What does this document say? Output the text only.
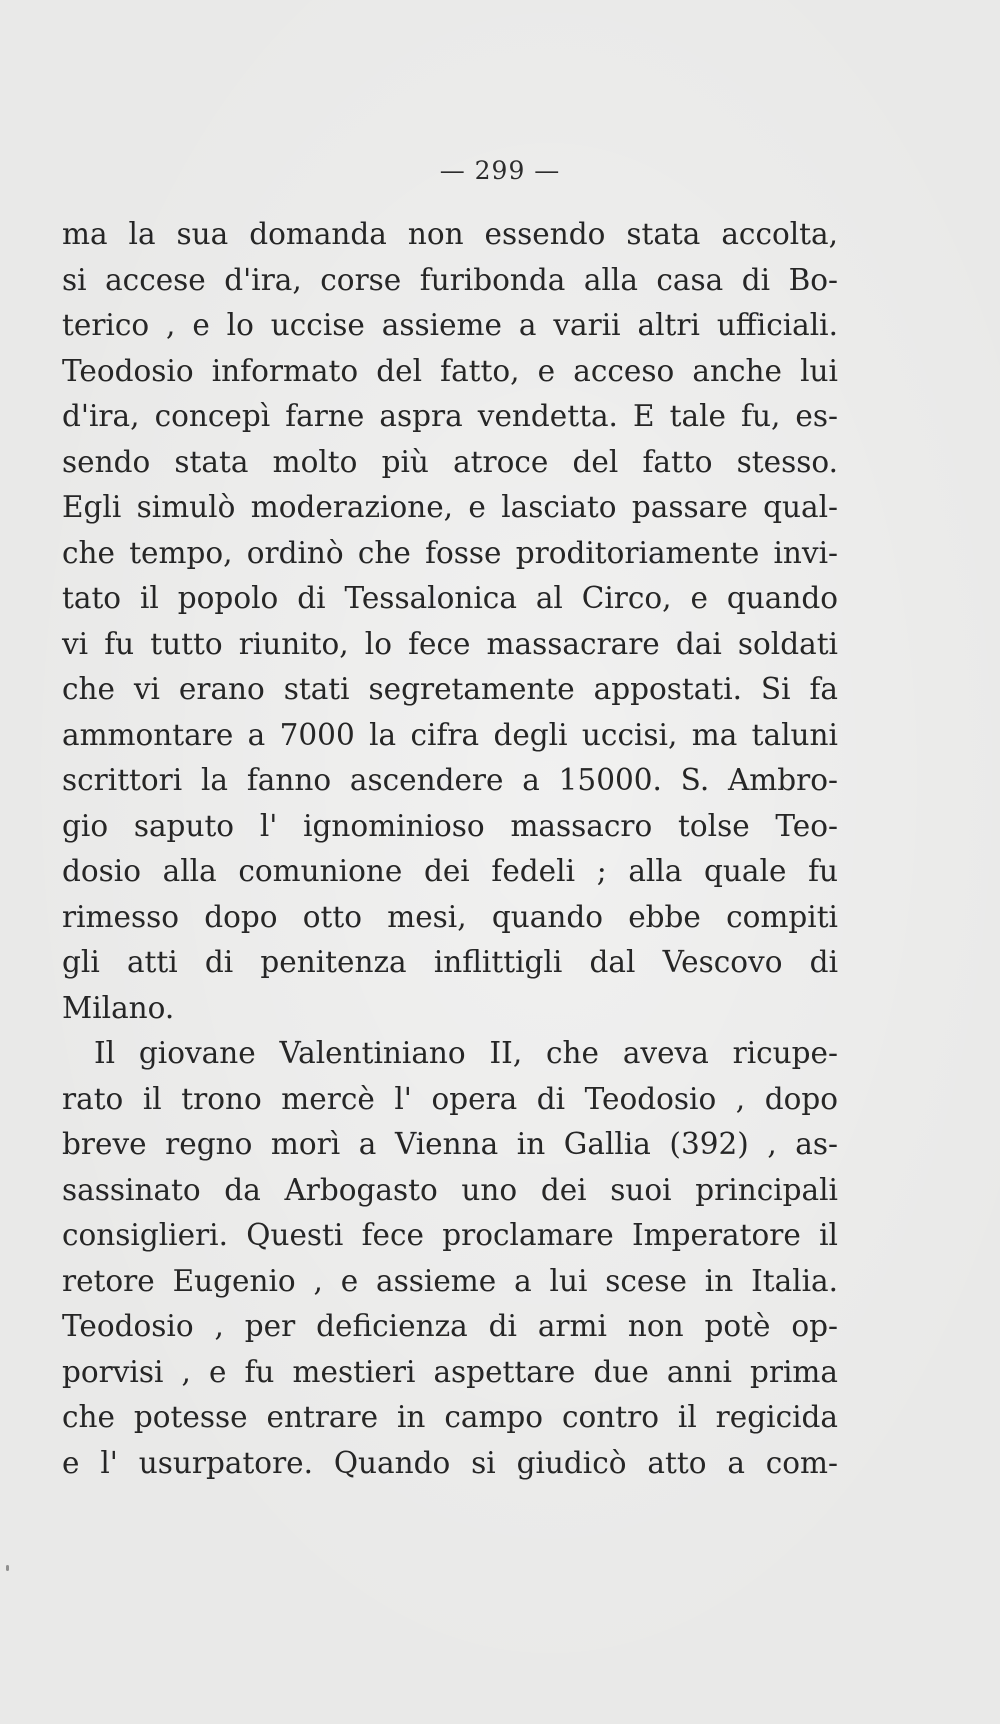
— 299 —
ma la sua domanda non essendo stata accolta,
si accese d'ira, corse furibonda alla casa di Bo-
terico , e lo uccise assieme a varii altri ufficiali.
Teodosio informato del fatto, e acceso anche lui
d'ira, concepì farne aspra vendetta. E tale fu, es-
sendo stata molto più atroce del fatto stesso.
Egli simulò moderazione, e lasciato passare qual-
che tempo, ordinò che fosse proditoriamente invi-
tato il popolo di Tessalonica al Circo, e quando
vi fu tutto riunito, lo fece massacrare dai soldati
che vi erano stati segretamente appostati. Si fa
ammontare a 7000 la cifra degli uccisi, ma taluni
scrittori la fanno ascendere a 15000. S. Ambro-
gio saputo l' ignominioso massacro tolse Teo-
dosio alla comunione dei fedeli ; alla quale fu
rimesso dopo otto mesi, quando ebbe compiti
gli atti di penitenza inflittigli dal Vescovo di
Milano.
Il giovane Valentiniano II, che aveva ricupe-
rato il trono mercè l' opera di Teodosio , dopo
breve regno morì a Vienna in Gallia (392) , as-
sassinato da Arbogasto uno dei suoi principali
consiglieri. Questi fece proclamare Imperatore il
retore Eugenio , e assieme a lui scese in Italia.
Teodosio , per deficienza di armi non potè op-
porvisi , e fu mestieri aspettare due anni prima
che potesse entrare in campo contro il regicida
e l' usurpatore. Quando si giudicò atto a com-
